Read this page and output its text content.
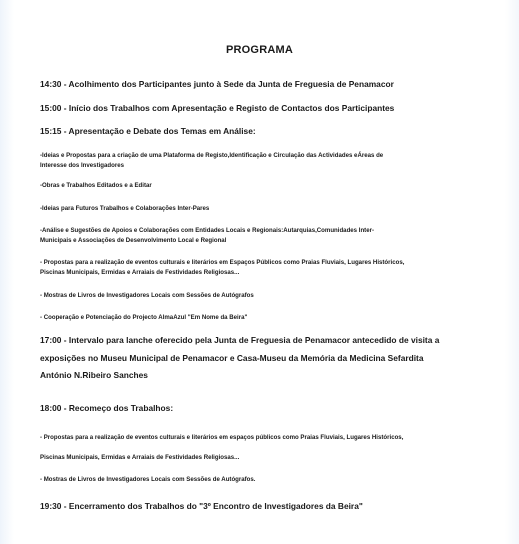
PROGRAMA
14:30 - Acolhimento dos Participantes junto à Sede da Junta de Freguesia de Penamacor
15:00 - Início dos Trabalhos com Apresentação e Registo de Contactos dos Participantes
15:15 - Apresentação e Debate dos Temas em Análise:
-Ideias e Propostas para a criação de uma Plataforma de Registo,Identificação e Circulação das Actividades eÁreas de
Interesse dos Investigadores
-Obras e Trabalhos Editados e a Editar
-Ideias para Futuros Trabalhos e Colaborações Inter-Pares
-Análise e Sugestões de Apoios e Colaborações com Entidades Locais e Regionais:Autarquias,Comunidades Inter-
Municipais e Associações de Desenvolvimento Local e Regional
- Propostas para a realização de eventos culturais e literários em Espaços Públicos como Praias Fluviais, Lugares Históricos,
Piscinas Municipais, Ermidas e Arraiais de Festividades Religiosas...
- Mostras de Livros de Investigadores Locais com Sessões de Autógrafos
- Cooperação e Potenciação do Projecto AlmaAzul "Em Nome da Beira"
17:00 - Intervalo para lanche oferecido pela Junta de Freguesia de Penamacor antecedido de visita a
exposições no Museu Municipal de Penamacor e Casa-Museu da Memória da Medicina Sefardita
António N.Ribeiro Sanches
18:00 - Recomeço dos Trabalhos:
- Propostas para a realização de eventos culturais e literários em espaços públicos como Praias Fluviais, Lugares Históricos,
Piscinas Municipais, Ermidas e Arraiais de Festividades Religiosas...
- Mostras de Livros de Investigadores Locais com Sessões de Autógrafos.
19:30 - Encerramento dos Trabalhos do "3º Encontro de Investigadores da Beira"
